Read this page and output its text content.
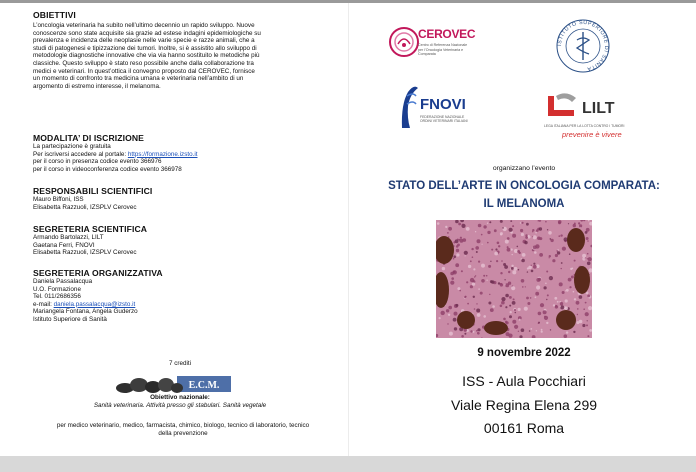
OBIETTIVI
L’oncologia veterinaria ha subito nell’ultimo decennio un rapido sviluppo. Nuove
conoscenze sono state acquisite sia grazie ad estese indagini epidemiologiche su
prevalenza e incidenza delle neoplasie nelle varie specie e razze animali, che a
studi di patogenesi e tipizzazione dei tumori. Inoltre, si è assistito allo sviluppo di
metodologie diagnostiche innovative che via via hanno sostituito le metodiche più
classiche. Questo sviluppo è stato reso possibile anche dalla collaborazione tra
medici e veterinari. In quest’ottica il convegno proposto dal CEROVEC, fornisce
un momento di confronto tra medicina umana e veterinaria nell’ambito di un
argomento di estremo interesse, il melanoma.
MODALITA’ DI ISCRIZIONE
La partecipazione è gratuita
Per iscriversi accedere al portale: https://formazione.izsto.it
per il corso in presenza codice evento 366976
per il corso in videoconferenza codice evento 366978
RESPONSABILI SCIENTIFICI
Mauro Biffoni, ISS
Elisabetta Razzuoli, IZSPLV Cerovec
SEGRETERIA SCIENTIFICA
Armando Bartolazzi, LILT
Gaetana Ferri, FNOVI
Elisabetta Razzuoli, IZSPLV Cerovec
SEGRETERIA ORGANIZZATIVA
Daniela Passalacqua
U.O. Formazione
Tel. 011/2686356
e-mail: daniela.passalacqua@izsto.it
Mariangela Fontana, Angela Guderzo
Istituto Superiore di Sanità
7 crediti
E.C.M.
Obiettivo nazionale:
Sanità veterinaria. Attività presso gli stabulari. Sanità vegetale
per medico veterinario, medico, farmacista, chimico, biologo, tecnico di laboratorio, tecnico
della prevenzione
CEROVEC
Centro di Referenza Nazionale
per l’Oncologia Veterinaria e Comparata
ISTITUTO SUPERIORE DI SANITÀ
FNOVI
FEDERAZIONE NAZIONALE
ORDINI VETERINARI ITALIANI
LILT
LEGA ITALIANA PER LA LOTTA CONTRO I TUMORI
prevenire è vivere
organizzano l’evento
STATO DELL’ARTE IN ONCOLOGIA COMPARATA:
IL MELANOMA
9 novembre 2022
ISS - Aula Pocchiari
Viale Regina Elena 299
00161 Roma
